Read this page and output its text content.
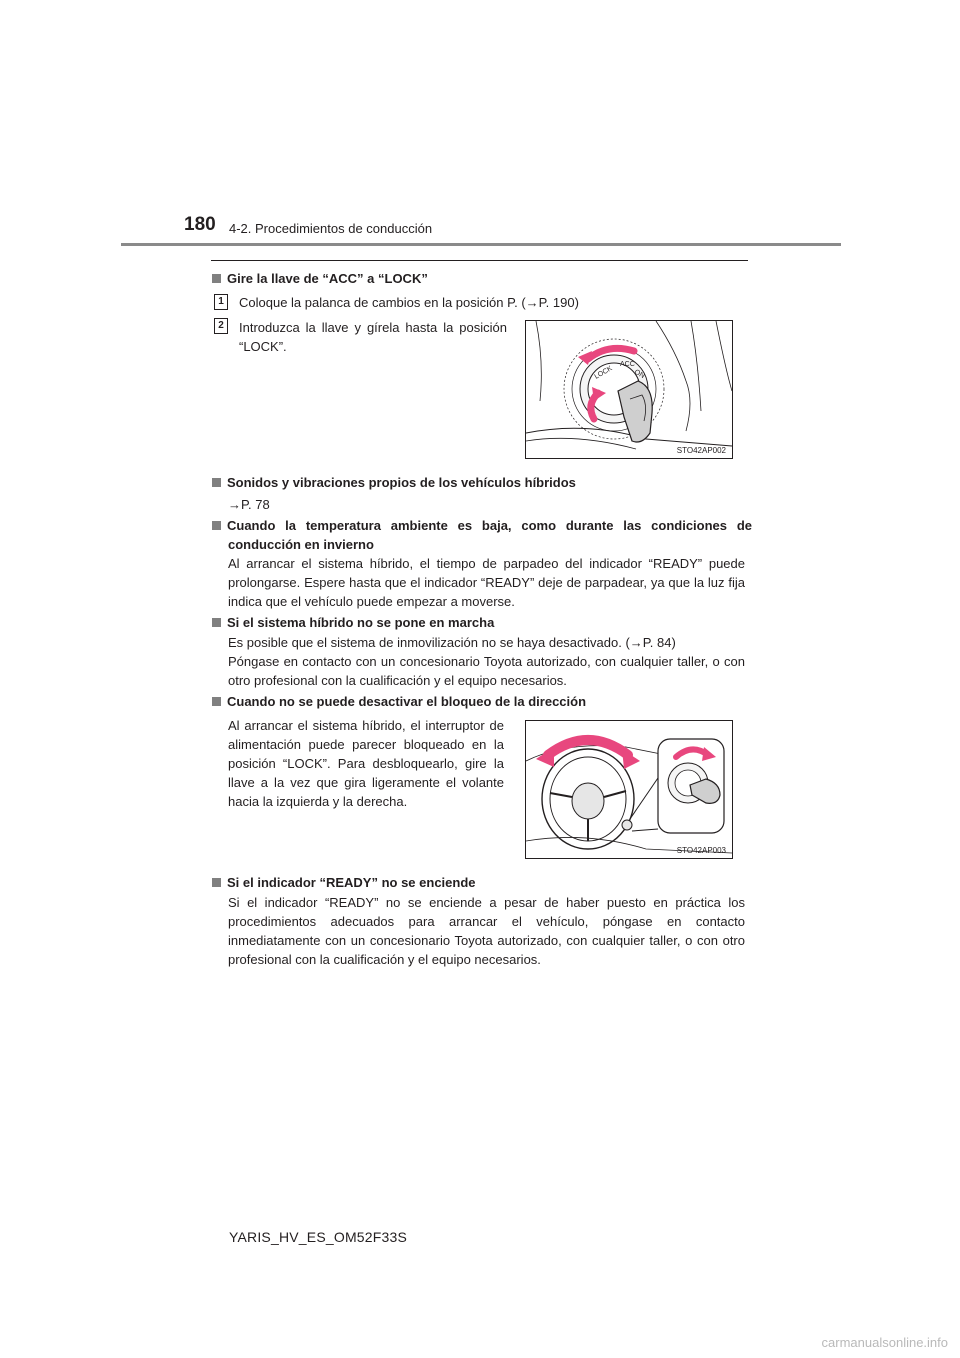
180 4-2. Procedimientos de conducción
Gire la llave de “ACC” a “LOCK”
1	Coloque la palanca de cambios en la posición P. (→P. 190)
2	Introduzca la llave y gírela hasta la posición “LOCK”.
LOCK
ACC
ON
STO42AP002
Sonidos y vibraciones propios de los vehículos híbridos
→P. 78
Cuando la temperatura ambiente es baja, como durante las condiciones de
conducción en invierno
Al arrancar el sistema híbrido, el tiempo de parpadeo del indicador “READY” puede prolongarse. Espere hasta que el indicador “READY” deje de parpadear, ya que la luz fija indica que el vehículo puede empezar a moverse.
Si el sistema híbrido no se pone en marcha
Es posible que el sistema de inmovilización no se haya desactivado. (→P. 84)
Póngase en contacto con un concesionario Toyota autorizado, con cualquier taller, o con otro profesional con la cualificación y el equipo necesarios.
Cuando no se puede desactivar el bloqueo de la dirección
Al arrancar el sistema híbrido, el interruptor de alimentación puede parecer bloqueado en la posición “LOCK”. Para desbloquearlo, gire la llave a la vez que gira ligeramente el volante hacia la izquierda y la derecha.
STO42AP003
Si el indicador “READY” no se enciende
Si el indicador “READY” no se enciende a pesar de haber puesto en práctica los procedimientos adecuados para arrancar el vehículo, póngase en contacto inmediatamente con un concesionario Toyota autorizado, con cualquier taller, o con otro profesional con la cualificación y el equipo necesarios.
YARIS_HV_ES_OM52F33S
carmanualsonline.info
